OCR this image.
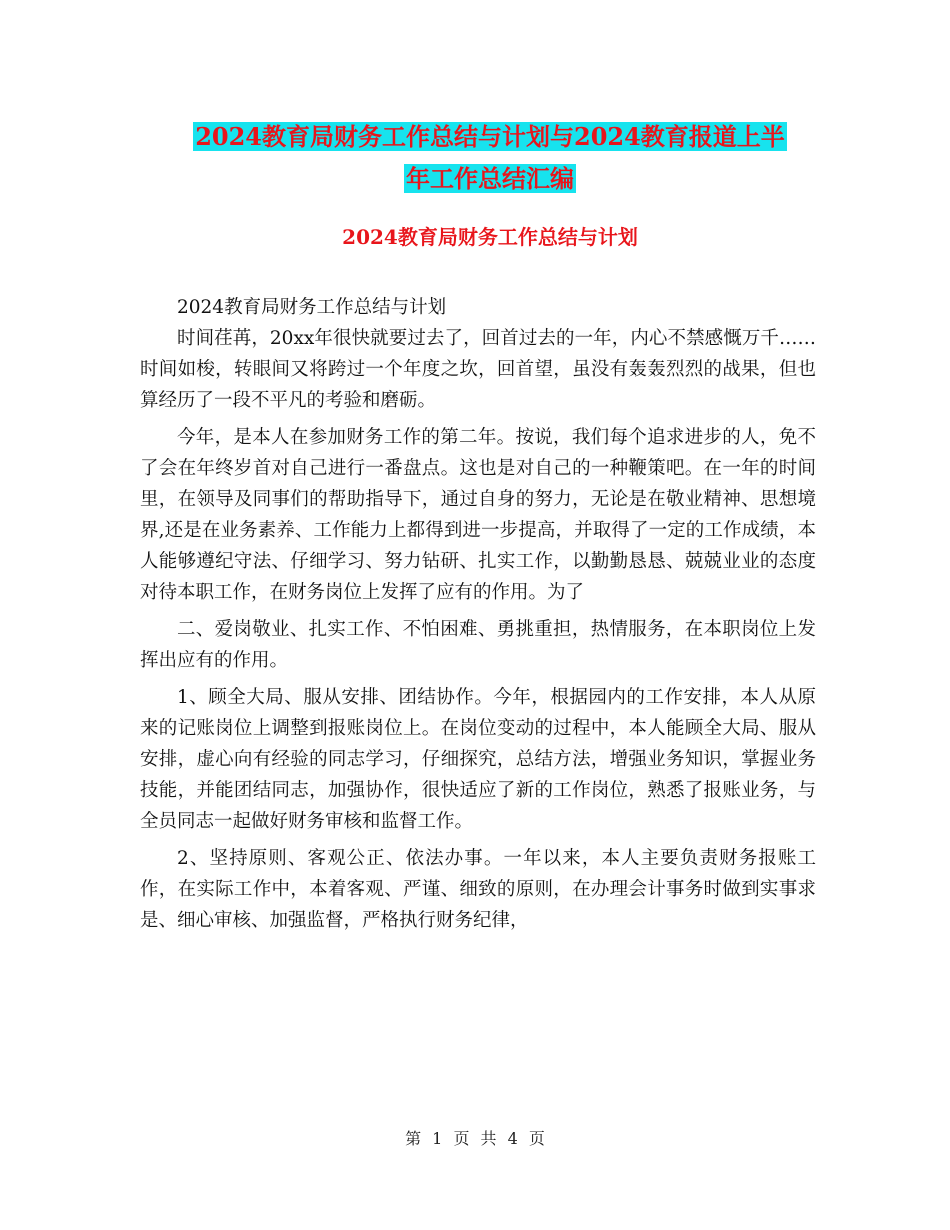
2024教育局财务工作总结与计划与2024教育报道上半
年工作总结汇编
2024教育局财务工作总结与计划

2024教育局财务工作总结与计划

时间荏苒，20xx年很快就要过去了，回首过去的一年，内心不禁感慨万千……时间如梭，转眼间又将跨过一个年度之坎，回首望，虽没有轰轰烈烈的战果，但也算经历了一段不平凡的考验和磨砺。

今年，是本人在参加财务工作的第二年。按说，我们每个追求进步的人，免不了会在年终岁首对自己进行一番盘点。这也是对自己的一种鞭策吧。在一年的时间里，在领导及同事们的帮助指导下，通过自身的努力，无论是在敬业精神、思想境界,还是在业务素养、工作能力上都得到进一步提高，并取得了一定的工作成绩，本人能够遵纪守法、仔细学习、努力钻研、扎实工作，以勤勤恳恳、兢兢业业的态度对待本职工作，在财务岗位上发挥了应有的作用。为了

二、爱岗敬业、扎实工作、不怕困难、勇挑重担，热情服务，在本职岗位上发挥出应有的作用。

1、顾全大局、服从安排、团结协作。今年，根据园内的工作安排，本人从原来的记账岗位上调整到报账岗位上。在岗位变动的过程中，本人能顾全大局、服从安排，虚心向有经验的同志学习，仔细探究，总结方法，增强业务知识，掌握业务技能，并能团结同志，加强协作，很快适应了新的工作岗位，熟悉了报账业务，与全员同志一起做好财务审核和监督工作。

2、坚持原则、客观公正、依法办事。一年以来，本人主要负责财务报账工作，在实际工作中，本着客观、严谨、细致的原则，在办理会计事务时做到实事求是、细心审核、加强监督，严格执行财务纪律，

第 1 页 共 4 页
